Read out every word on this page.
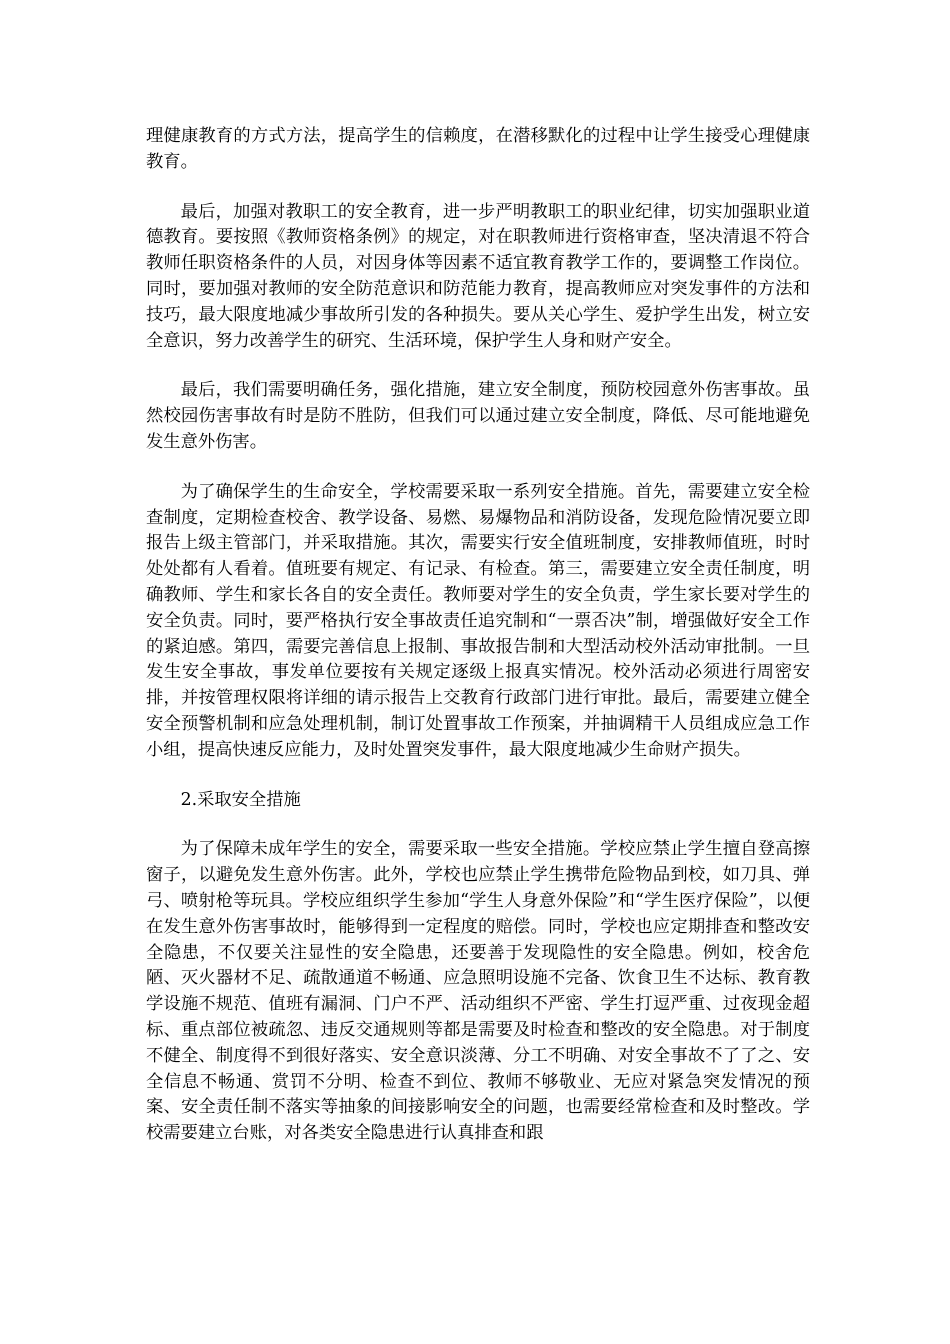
理健康教育的方式方法，提高学生的信赖度，在潜移默化的过程中让学生接受心理健康教育。

最后，加强对教职工的安全教育，进一步严明教职工的职业纪律，切实加强职业道德教育。要按照《教师资格条例》的规定，对在职教师进行资格审查，坚决清退不符合教师任职资格条件的人员，对因身体等因素不适宜教育教学工作的，要调整工作岗位。同时，要加强对教师的安全防范意识和防范能力教育，提高教师应对突发事件的方法和技巧，最大限度地减少事故所引发的各种损失。要从关心学生、爱护学生出发，树立安全意识，努力改善学生的研究、生活环境，保护学生人身和财产安全。

最后，我们需要明确任务，强化措施，建立安全制度，预防校园意外伤害事故。虽然校园伤害事故有时是防不胜防，但我们可以通过建立安全制度，降低、尽可能地避免发生意外伤害。

为了确保学生的生命安全，学校需要采取一系列安全措施。首先，需要建立安全检查制度，定期检查校舍、教学设备、易燃、易爆物品和消防设备，发现危险情况要立即报告上级主管部门，并采取措施。其次，需要实行安全值班制度，安排教师值班，时时处处都有人看着。值班要有规定、有记录、有检查。第三，需要建立安全责任制度，明确教师、学生和家长各自的安全责任。教师要对学生的安全负责，学生家长要对学生的安全负责。同时，要严格执行安全事故责任追究制和“一票否决”制，增强做好安全工作的紧迫感。第四，需要完善信息上报制、事故报告制和大型活动校外活动审批制。一旦发生安全事故，事发单位要按有关规定逐级上报真实情况。校外活动必须进行周密安排，并按管理权限将详细的请示报告上交教育行政部门进行审批。最后，需要建立健全安全预警机制和应急处理机制，制订处置事故工作预案，并抽调精干人员组成应急工作小组，提高快速反应能力，及时处置突发事件，最大限度地减少生命财产损失。

2.采取安全措施

为了保障未成年学生的安全，需要采取一些安全措施。学校应禁止学生擅自登高擦窗子，以避免发生意外伤害。此外，学校也应禁止学生携带危险物品到校，如刀具、弹弓、喷射枪等玩具。学校应组织学生参加“学生人身意外保险”和“学生医疗保险”，以便在发生意外伤害事故时，能够得到一定程度的赔偿。同时，学校也应定期排查和整改安全隐患，不仅要关注显性的安全隐患，还要善于发现隐性的安全隐患。例如，校舍危陋、灭火器材不足、疏散通道不畅通、应急照明设施不完备、饮食卫生不达标、教育教学设施不规范、值班有漏洞、门户不严、活动组织不严密、学生打逗严重、过夜现金超标、重点部位被疏忽、违反交通规则等都是需要及时检查和整改的安全隐患。对于制度不健全、制度得不到很好落实、安全意识淡薄、分工不明确、对安全事故不了了之、安全信息不畅通、赏罚不分明、检查不到位、教师不够敬业、无应对紧急突发情况的预案、安全责任制不落实等抽象的间接影响安全的问题，也需要经常检查和及时整改。学校需要建立台账，对各类安全隐患进行认真排查和跟
